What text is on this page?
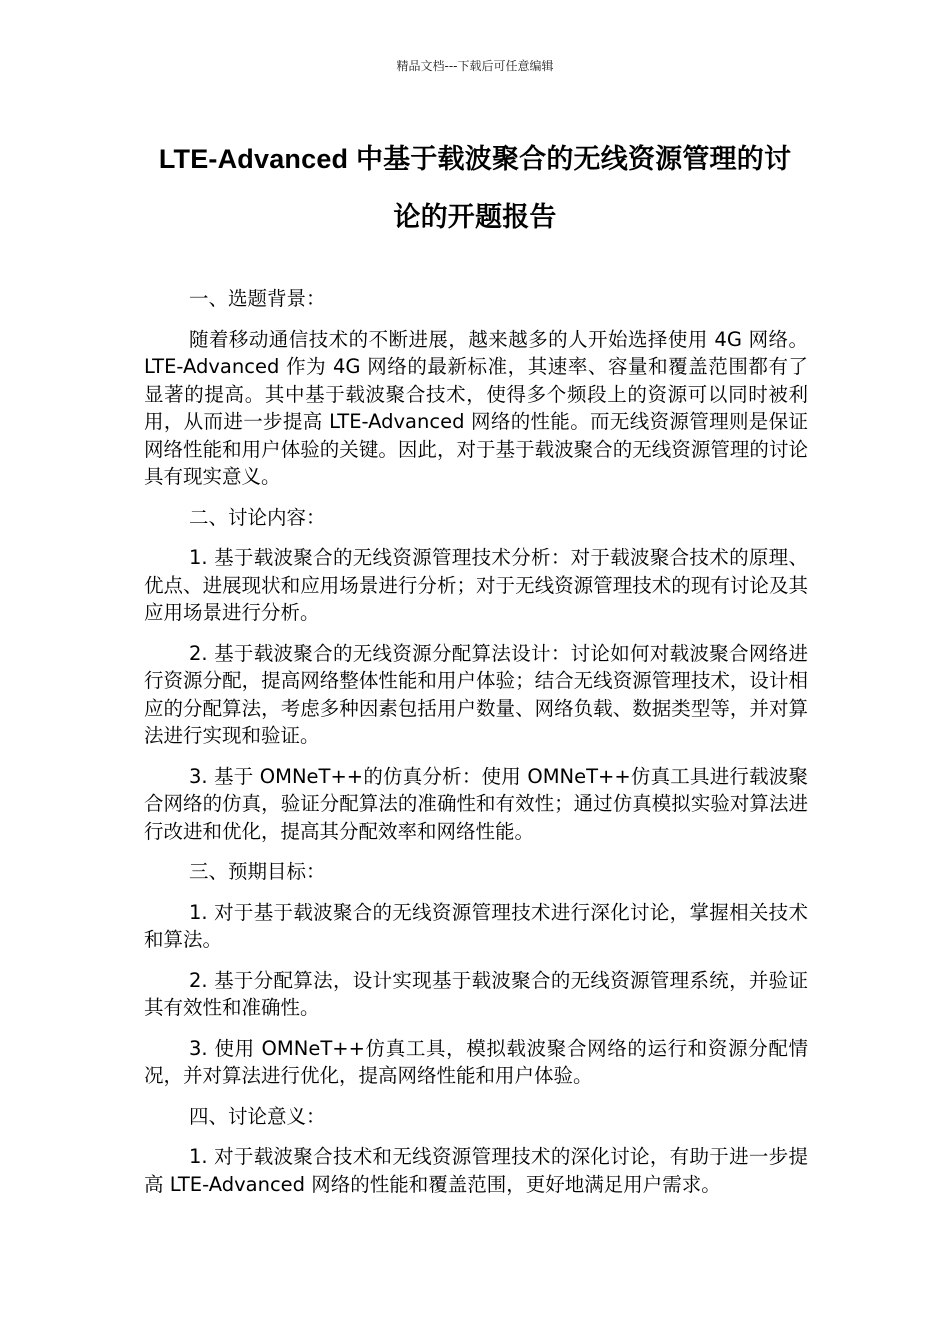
精品文档---下载后可任意编辑
LTE-Advanced 中基于载波聚合的无线资源管理的讨
论的开题报告

一、选题背景：

随着移动通信技术的不断进展，越来越多的人开始选择使用 4G 网络。LTE-Advanced 作为 4G 网络的最新标准，其速率、容量和覆盖范围都有了显著的提高。其中基于载波聚合技术，使得多个频段上的资源可以同时被利用，从而进一步提高 LTE-Advanced 网络的性能。而无线资源管理则是保证网络性能和用户体验的关键。因此，对于基于载波聚合的无线资源管理的讨论具有现实意义。

二、讨论内容：

1. 基于载波聚合的无线资源管理技术分析：对于载波聚合技术的原理、优点、进展现状和应用场景进行分析；对于无线资源管理技术的现有讨论及其应用场景进行分析。

2. 基于载波聚合的无线资源分配算法设计：讨论如何对载波聚合网络进行资源分配，提高网络整体性能和用户体验；结合无线资源管理技术，设计相应的分配算法，考虑多种因素包括用户数量、网络负载、数据类型等，并对算法进行实现和验证。

3. 基于 OMNeT++的仿真分析：使用 OMNeT++仿真工具进行载波聚合网络的仿真，验证分配算法的准确性和有效性；通过仿真模拟实验对算法进行改进和优化，提高其分配效率和网络性能。

三、预期目标：

1. 对于基于载波聚合的无线资源管理技术进行深化讨论，掌握相关技术和算法。

2. 基于分配算法，设计实现基于载波聚合的无线资源管理系统，并验证其有效性和准确性。

3. 使用 OMNeT++仿真工具，模拟载波聚合网络的运行和资源分配情况，并对算法进行优化，提高网络性能和用户体验。

四、讨论意义：

1. 对于载波聚合技术和无线资源管理技术的深化讨论，有助于进一步提高 LTE-Advanced 网络的性能和覆盖范围，更好地满足用户需求。
